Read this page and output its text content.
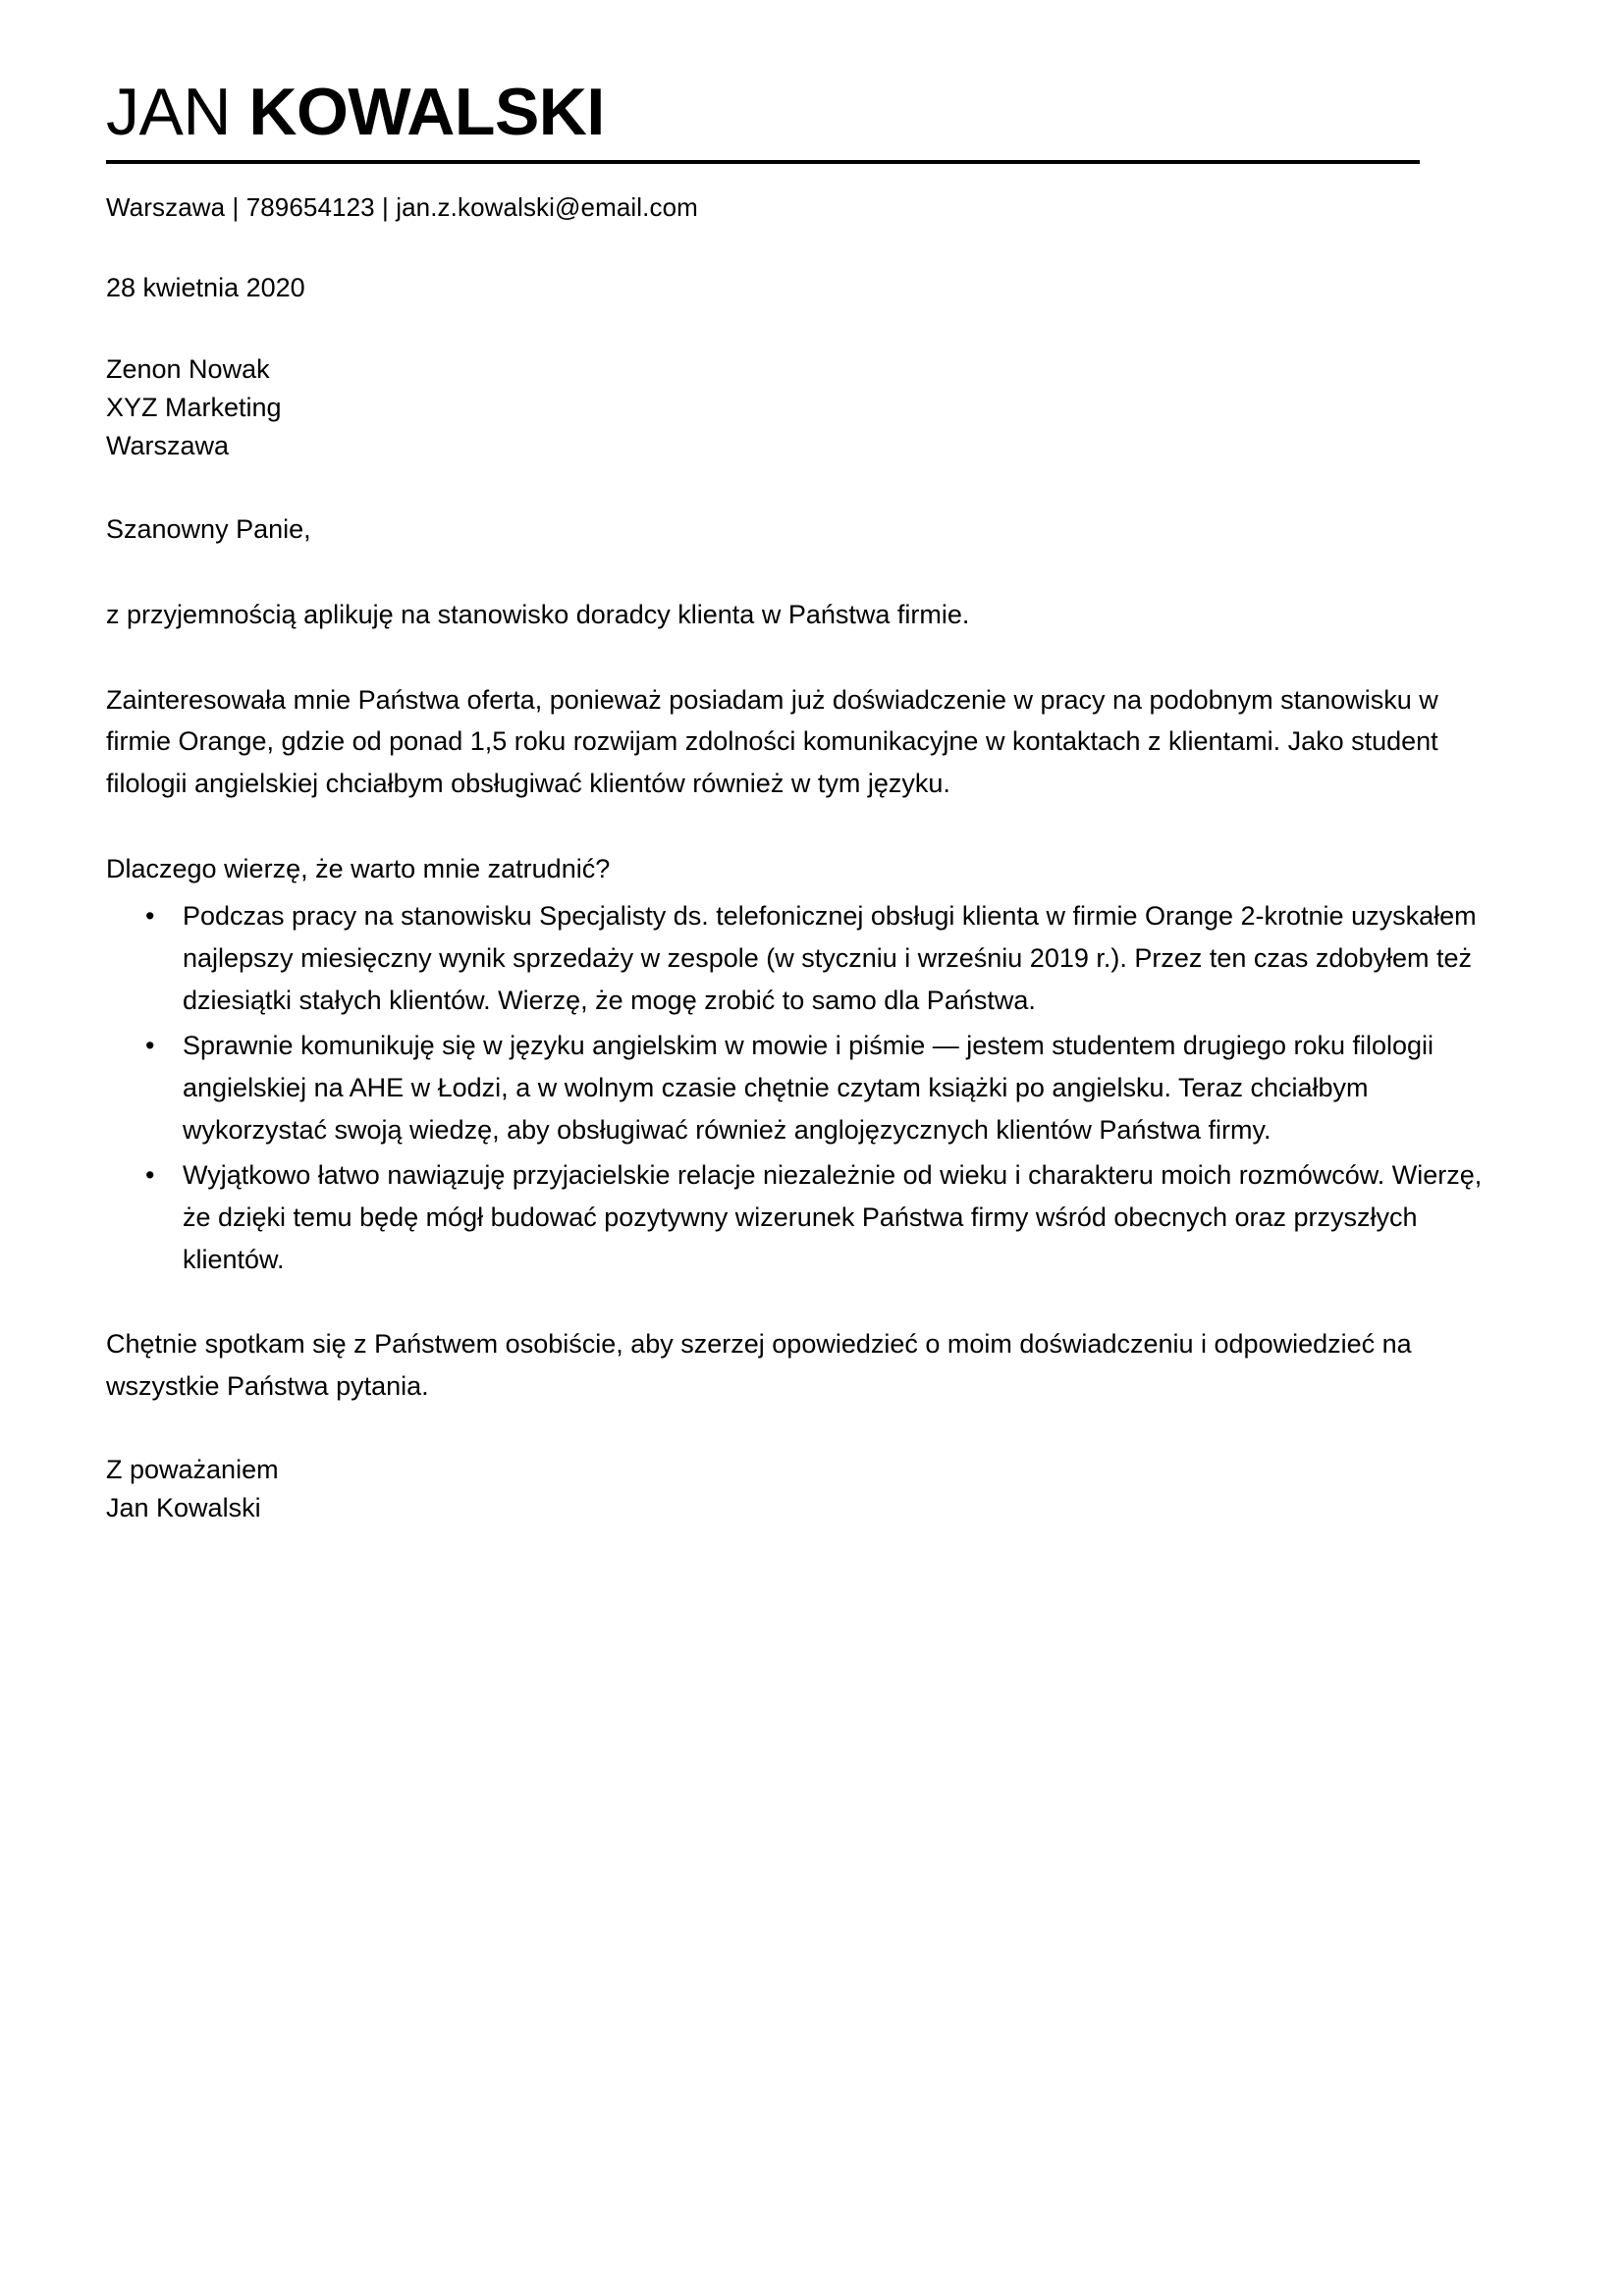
JAN KOWALSKI
Warszawa | 789654123 | jan.z.kowalski@email.com

28 kwietnia 2020

Zenon Nowak

XYZ Marketing

Warszawa

Szanowny Panie,

z przyjemnością aplikuję na stanowisko doradcy klienta w Państwa firmie.

Zainteresowała mnie Państwa oferta, ponieważ posiadam już doświadczenie w pracy na podobnym stanowisku w firmie Orange, gdzie od ponad 1,5 roku rozwijam zdolności komunikacyjne w kontaktach z klientami. Jako student filologii angielskiej chciałbym obsługiwać klientów również w tym języku.

Dlaczego wierzę, że warto mnie zatrudnić?

• Podczas pracy na stanowisku Specjalisty ds. telefonicznej obsługi klienta w firmie Orange 2-krotnie uzyskałem najlepszy miesięczny wynik sprzedaży w zespole (w styczniu i wrześniu 2019 r.). Przez ten czas zdobyłem też dziesiątki stałych klientów. Wierzę, że mogę zrobić to samo dla Państwa.
• Sprawnie komunikuję się w języku angielskim w mowie i piśmie — jestem studentem drugiego roku filologii angielskiej na AHE w Łodzi, a w wolnym czasie chętnie czytam książki po angielsku. Teraz chciałbym wykorzystać swoją wiedzę, aby obsługiwać również anglojęzycznych klientów Państwa firmy.
• Wyjątkowo łatwo nawiązuję przyjacielskie relacje niezależnie od wieku i charakteru moich rozmówców. Wierzę, że dzięki temu będę mógł budować pozytywny wizerunek Państwa firmy wśród obecnych oraz przyszłych klientów.

Chętnie spotkam się z Państwem osobiście, aby szerzej opowiedzieć o moim doświadczeniu i odpowiedzieć na wszystkie Państwa pytania.

Z poważaniem

Jan Kowalski
